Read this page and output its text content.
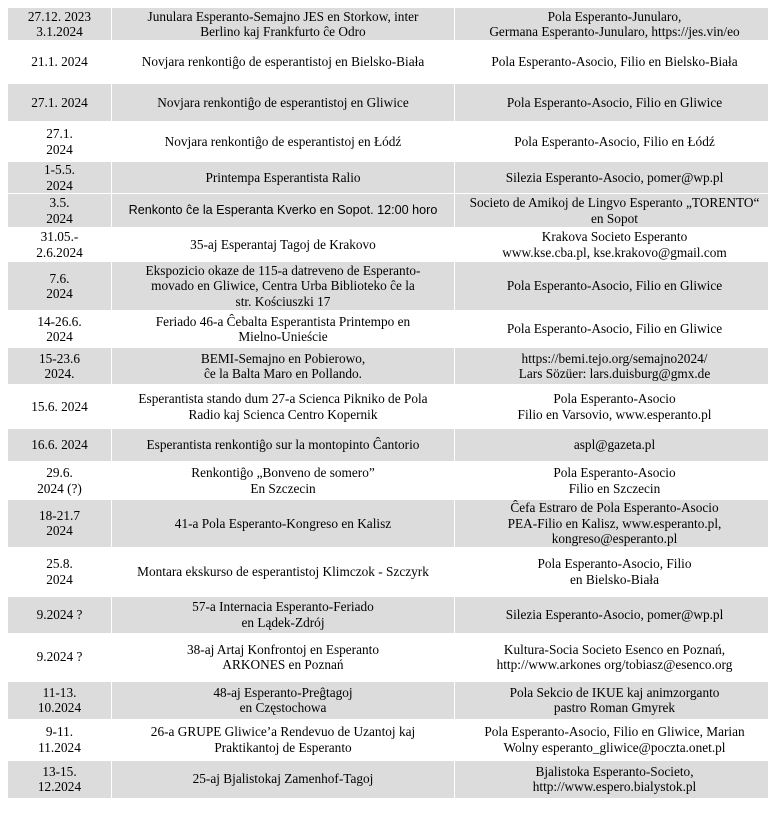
27.12. 2023
3.1.2024	Junulara Esperanto-Semajno JES en Storkow, inter
Berlino kaj Frankfurto ĉe Odro	Pola Esperanto-Junularo,
Germana Esperanto-Junularo, https://jes.vin/eo

21.1. 2024	Novjara renkontiĝo de esperantistoj en Bielsko-Biała	Pola Esperanto-Asocio, Filio en Bielsko-Biała

27.1. 2024	Novjara renkontiĝo de esperantistoj en Gliwice	Pola Esperanto-Asocio, Filio en Gliwice

27.1.
2024	Novjara renkontiĝo de esperantistoj en Łódź	Pola Esperanto-Asocio, Filio en Łódź

1-5.5.
2024	Printempa Esperantista Ralio	Silezia Esperanto-Asocio, pomer@wp.pl

3.5.
2024	Renkonto ĉe la Esperanta Kverko en Sopot. 12:00 horo	Societo de Amikoj de Lingvo Esperanto „TORENTO“
en Sopot

31.05.-
2.6.2024	35-aj Esperantaj Tagoj de Krakovo	Krakova Societo Esperanto
www.kse.cba.pl, kse.krakovo@gmail.com

7.6.
2024	Ekspozicio okaze de 115-a datreveno de Esperanto-
movado en Gliwice, Centra Urba Biblioteko ĉe la
str. Kościuszki 17	Pola Esperanto-Asocio, Filio en Gliwice

14-26.6.
2024	Feriado 46-a Ĉebalta Esperantista Printempo en
Mielno-Unieście	Pola Esperanto-Asocio, Filio en Gliwice

15-23.6
2024.	BEMI-Semajno en Pobierowo,
ĉe la Balta Maro en Pollando.	https://bemi.tejo.org/semajno2024/
Lars Sözüer: lars.duisburg@gmx.de

15.6. 2024	Esperantista stando dum 27-a Scienca Pikniko de Pola
Radio kaj Scienca Centro Kopernik	Pola Esperanto-Asocio
Filio en Varsovio, www.esperanto.pl

16.6. 2024	Esperantista renkontiĝo sur la montopinto Ĉantorio	aspl@gazeta.pl

29.6.
2024 (?)	Renkontiĝo „Bonveno de somero”
En Szczecin	Pola Esperanto-Asocio
Filio en Szczecin

18-21.7
2024	41-a Pola Esperanto-Kongreso en Kalisz	Ĉefa Estraro de Pola Esperanto-Asocio
PEA-Filio en Kalisz, www.esperanto.pl,
kongreso@esperanto.pl

25.8.
2024	Montara ekskurso de esperantistoj Klimczok - Szczyrk	Pola Esperanto-Asocio, Filio
en Bielsko-Biała

9.2024 ?	57-a Internacia Esperanto-Feriado
en Lądek-Zdrój	Silezia Esperanto-Asocio, pomer@wp.pl

9.2024 ?	38-aj Artaj Konfrontoj en Esperanto
ARKONES en Poznań	Kultura-Socia Societo Esenco en Poznań,
http://www.arkones org/tobiasz@esenco.org

11-13.
10.2024	48-aj Esperanto-Preĝtagoj
en Częstochowa	Pola Sekcio de IKUE kaj animzorganto
pastro Roman Gmyrek

9-11.
11.2024	26-a GRUPE Gliwice’a Rendevuo de Uzantoj kaj
Praktikantoj de Esperanto	Pola Esperanto-Asocio, Filio en Gliwice, Marian
Wolny esperanto_gliwice@poczta.onet.pl

13-15.
12.2024	25-aj Bjalistokaj Zamenhof-Tagoj	Bjalistoka Esperanto-Societo,
http://www.espero.bialystok.pl
